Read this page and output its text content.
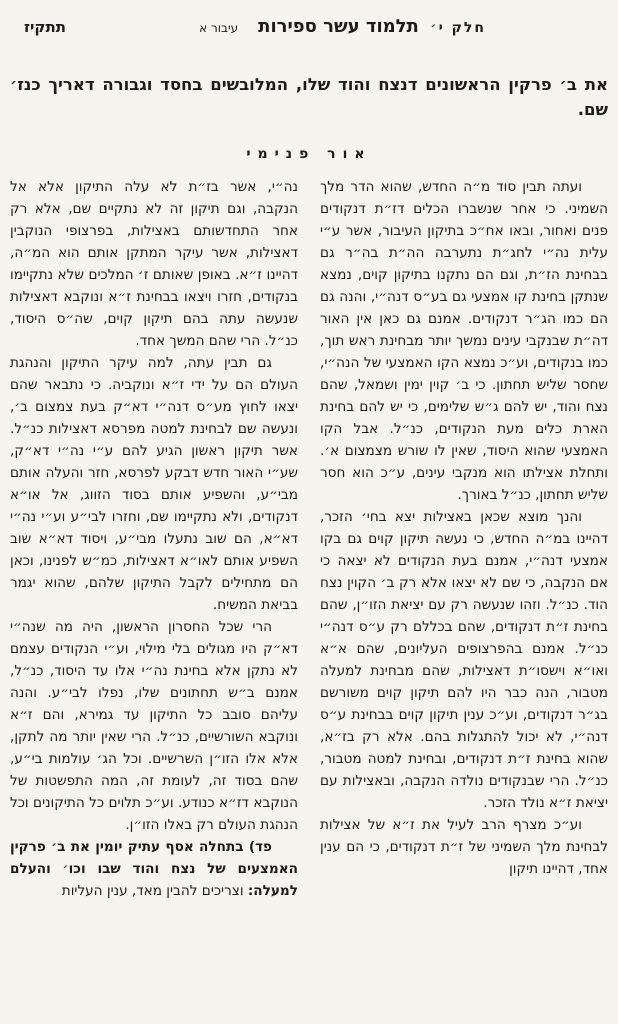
חלק י׳
תלמוד עשר ספירות
עיבור א
תתקיז

את ב׳ פרקין הראשונים דנצח והוד שלו, המלובשים בחסד וגבורה דאריך כנז׳ שם.

אור פנימי

ועתה תבין סוד מ״ה החדש, שהוא הדר מלך השמיני. כי אחר שנשברו הכלים דז״ת דנקודים פנים ואחור, ובאו אח״כ בתיקון העיבור, אשר ע״י עלית נה״י לחג״ת נתערבה הה״ת בה״ר גם בבחינת הז״ת, וגם הם נתקנו בתיקון קוים, נמצא שנתקן בחינת קו אמצעי גם בע״ס דנה״י, והנה גם הם כמו הג״ר דנקודים. אמנם גם כאן אין האור דה״ת שבנקבי עינים נמשך יותר מבחינת ראש תוך, כמו בנקודים, וע״כ נמצא הקו האמצעי של הנה״י, שחסר שליש תחתון. כי ב׳ קוין ימין ושמאל, שהם נצח והוד, יש להם ג״ש שלימים, כי יש להם בחינת הארת כלים מעת הנקודים, כנ״ל. אבל הקו האמצעי שהוא היסוד, שאין לו שורש מצמצום א׳. ותחלת אצילתו הוא מנקבי עינים, ע״כ הוא חסר שליש תחתון, כנ״ל באורך.

והנך מוצא שכאן באצילות יצא בחי׳ הזכר, דהיינו במ״ה החדש, כי נעשה תיקון קוים גם בקו אמצעי דנה״י, אמנם בעת הנקודים לא יצאה כי אם הנקבה, כי שם לא יצאו אלא רק ב׳ הקוין נצח הוד. כנ״ל. וזהו שנעשה רק עם יציאת הזו״ן, שהם בחינת ז״ת דנקודים, שהם בכללם רק ע״ס דנה״י כנ״ל. אמנם בהפרצופים העליונים, שהם א״א ואו״א וישסו״ת דאצילות, שהם מבחינת למעלה מטבור, הנה כבר היו להם תיקון קוים משורשם בג״ר דנקודים, וע״כ ענין תיקון קוים בבחינת ע״ס דנה״י, לא יכול להתגלות בהם. אלא רק בז״א, שהוא בחינת ז״ת דנקודים, ובחינת למטה מטבור, כנ״ל. הרי שבנקודים נולדה הנקבה, ובאצילות עם יציאת ז״א נולד הזכר.

וע״כ מצרף הרב לעיל את ז״א של אצילות לבחינת מלך השמיני של ז״ת דנקודים, כי הם ענין אחד, דהיינו תיקון

נה״י, אשר בז״ת לא עלה התיקון אלא אל הנקבה, וגם תיקון זה לא נתקיים שם, אלא רק אחר התחדשותם באצילות, בפרצופי הנוקבין דאצילות, אשר עיקר המתקן אותם הוא המ״ה, דהיינו ז״א. באופן שאותם ז׳ המלכים שלא נתקיימו בנקודים, חזרו ויצאו בבחינת ז״א ונוקבא דאצילות שנעשה עתה בהם תיקון קוים, שה״ס היסוד, כנ״ל. הרי שהם המשך אחד.

גם תבין עתה, למה עיקר התיקון והנהגת העולם הם על ידי ז״א ונוקביה. כי נתבאר שהם יצאו לחוץ מע״ס דנה״י דא״ק בעת צמצום ב׳, ונעשה שם לבחינת למטה מפרסא דאצילות כנ״ל. אשר תיקון ראשון הגיע להם ע״י נה״י דא״ק, שע״י האור חדש דבקע לפרסא, חזר והעלה אותם מבי״ע, והשפיע אותם בסוד הזווג, אל או״א דנקודים, ולא נתקיימו שם, וחזרו לבי״ע וע״י נה״י דא״א, הם שוב נתעלו מבי״ע, ויסוד דא״א שוב השפיע אותם לאו״א דאצילות, כמ״ש לפנינו, וכאן הם מתחילים לקבל התיקון שלהם, שהוא יגמר בביאת המשיח.

הרי שכל החסרון הראשון, היה מה שנה״י דא״ק היו מגולים בלי מילוי, וע״י הנקודים עצמם לא נתקן אלא בחינת נה״י אלו עד היסוד, כנ״ל, אמנם ב״ש תחתונים שלו, נפלו לבי״ע. והנה עליהם סובב כל התיקון עד גמירא, והם ז״א ונוקבא השורשיים, כנ״ל. הרי שאין יותר מה לתקן, אלא אלו הזו״ן השרשיים. וכל הג׳ עולמות בי״ע, שהם בסוד זה, לעומת זה, המה התפשטות של הנוקבא דז״א כנודע. וע״כ תלוים כל התיקונים וכל הנהגת העולם רק באלו הזו״ן.

פד) בתחלה אסף עתיק יומין את ב׳ פרקין האמצעים של נצח והוד שבו וכו׳ והעלם למעלה: וצריכים להבין מאד, ענין העליות
